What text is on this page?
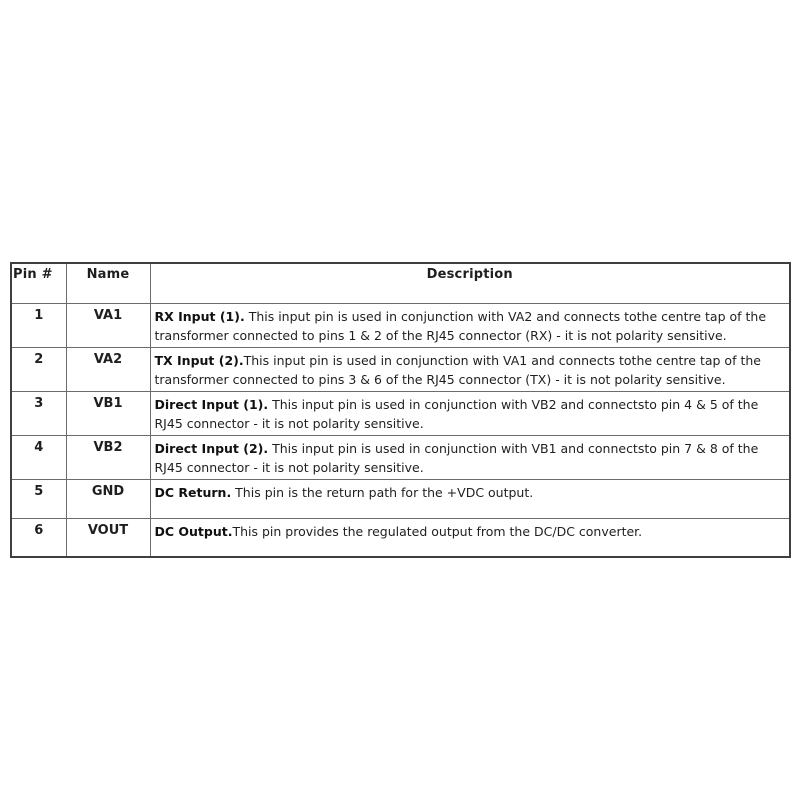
Pin #	Name	Description
1	VA1	RX Input (1). This input pin is used in conjunction with VA2 and connects tothe centre tap of the transformer connected to pins 1 & 2 of the RJ45 connector (RX) - it is not polarity sensitive.
2	VA2	TX Input (2).This input pin is used in conjunction with VA1 and connects tothe centre tap of the transformer connected to pins 3 & 6 of the RJ45 connector (TX) - it is not polarity sensitive.
3	VB1	Direct Input (1). This input pin is used in conjunction with VB2 and connectsto pin 4 & 5 of the RJ45 connector - it is not polarity sensitive.
4	VB2	Direct Input (2). This input pin is used in conjunction with VB1 and connectsto pin 7 & 8 of the RJ45 connector - it is not polarity sensitive.
5	GND	DC Return. This pin is the return path for the +VDC output.
6	VOUT	DC Output.This pin provides the regulated output from the DC/DC converter.
